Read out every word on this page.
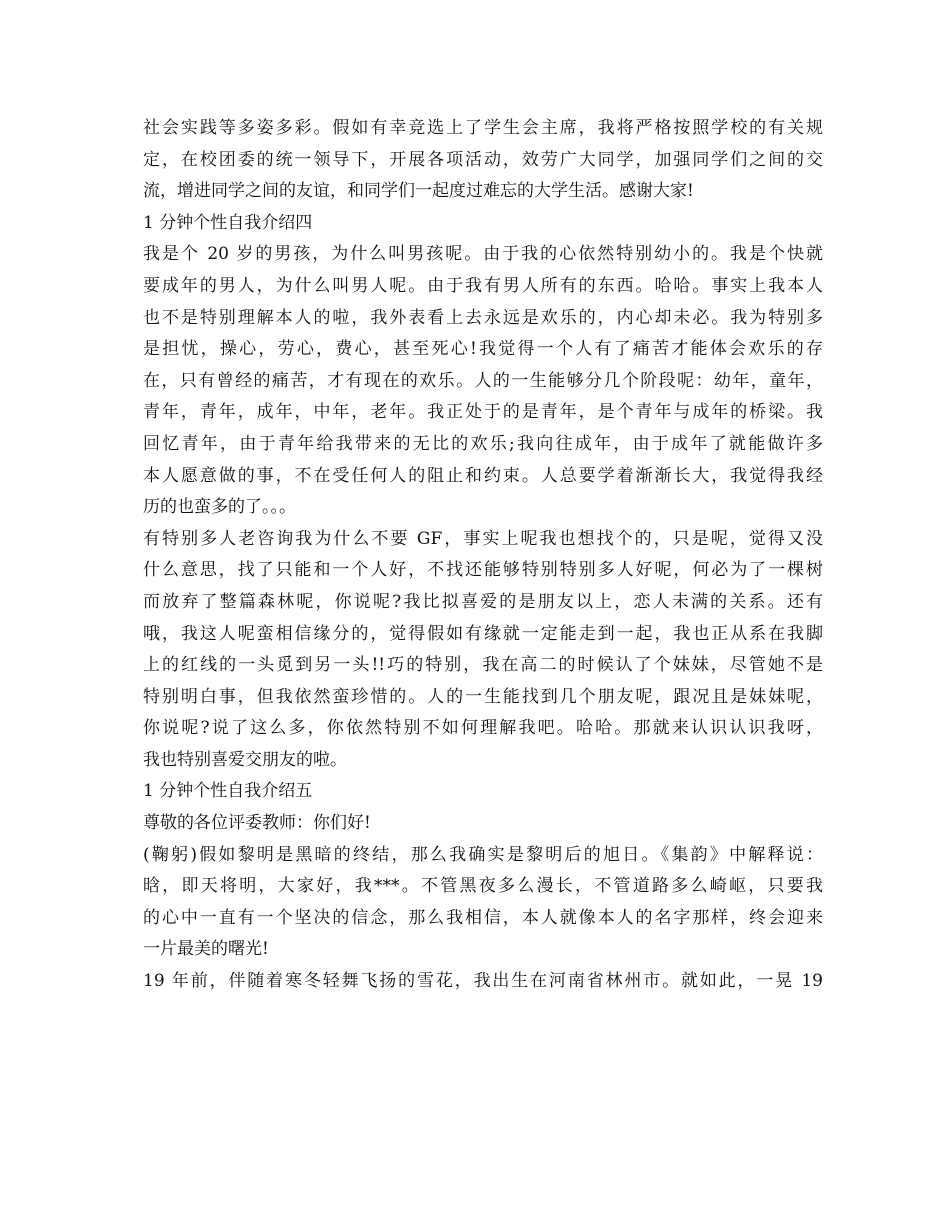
社会实践等多姿多彩。假如有幸竞选上了学生会主席，我将严格按照学校的有关规
定，在校团委的统一领导下，开展各项活动，效劳广大同学，加强同学们之间的交
流，增进同学之间的友谊，和同学们一起度过难忘的大学生活。感谢大家!
1 分钟个性自我介绍四
我是个 20 岁的男孩，为什么叫男孩呢。由于我的心依然特别幼小的。我是个快就
要成年的男人，为什么叫男人呢。由于我有男人所有的东西。哈哈。事实上我本人
也不是特别理解本人的啦，我外表看上去永远是欢乐的，内心却未必。我为特别多
是担忧，操心，劳心，费心，甚至死心!我觉得一个人有了痛苦才能体会欢乐的存
在，只有曾经的痛苦，才有现在的欢乐。人的一生能够分几个阶段呢：幼年，童年，
青年，青年，成年，中年，老年。我正处于的是青年，是个青年与成年的桥梁。我
回忆青年，由于青年给我带来的无比的欢乐;我向往成年，由于成年了就能做许多
本人愿意做的事，不在受任何人的阻止和约束。人总要学着渐渐长大，我觉得我经
历的也蛮多的了。。。
有特别多人老咨询我为什么不要 GF，事实上呢我也想找个的，只是呢，觉得又没
什么意思，找了只能和一个人好，不找还能够特别特别多人好呢，何必为了一棵树
而放弃了整篇森林呢，你说呢?我比拟喜爱的是朋友以上，恋人未满的关系。还有
哦，我这人呢蛮相信缘分的，觉得假如有缘就一定能走到一起，我也正从系在我脚
上的红线的一头觅到另一头!!巧的特别，我在高二的时候认了个妹妹，尽管她不是
特别明白事，但我依然蛮珍惜的。人的一生能找到几个朋友呢，跟况且是妹妹呢，
你说呢?说了这么多，你依然特别不如何理解我吧。哈哈。那就来认识认识我呀，
我也特别喜爱交朋友的啦。
1 分钟个性自我介绍五
尊敬的各位评委教师：你们好!
(鞠躬)假如黎明是黑暗的终结，那么我确实是黎明后的旭日。《集韵》中解释说：
晗，即天将明，大家好，我***。不管黑夜多么漫长，不管道路多么崎岖，只要我
的心中一直有一个坚决的信念，那么我相信，本人就像本人的名字那样，终会迎来
一片最美的曙光!
19 年前，伴随着寒冬轻舞飞扬的雪花，我出生在河南省林州市。就如此，一晃 19
